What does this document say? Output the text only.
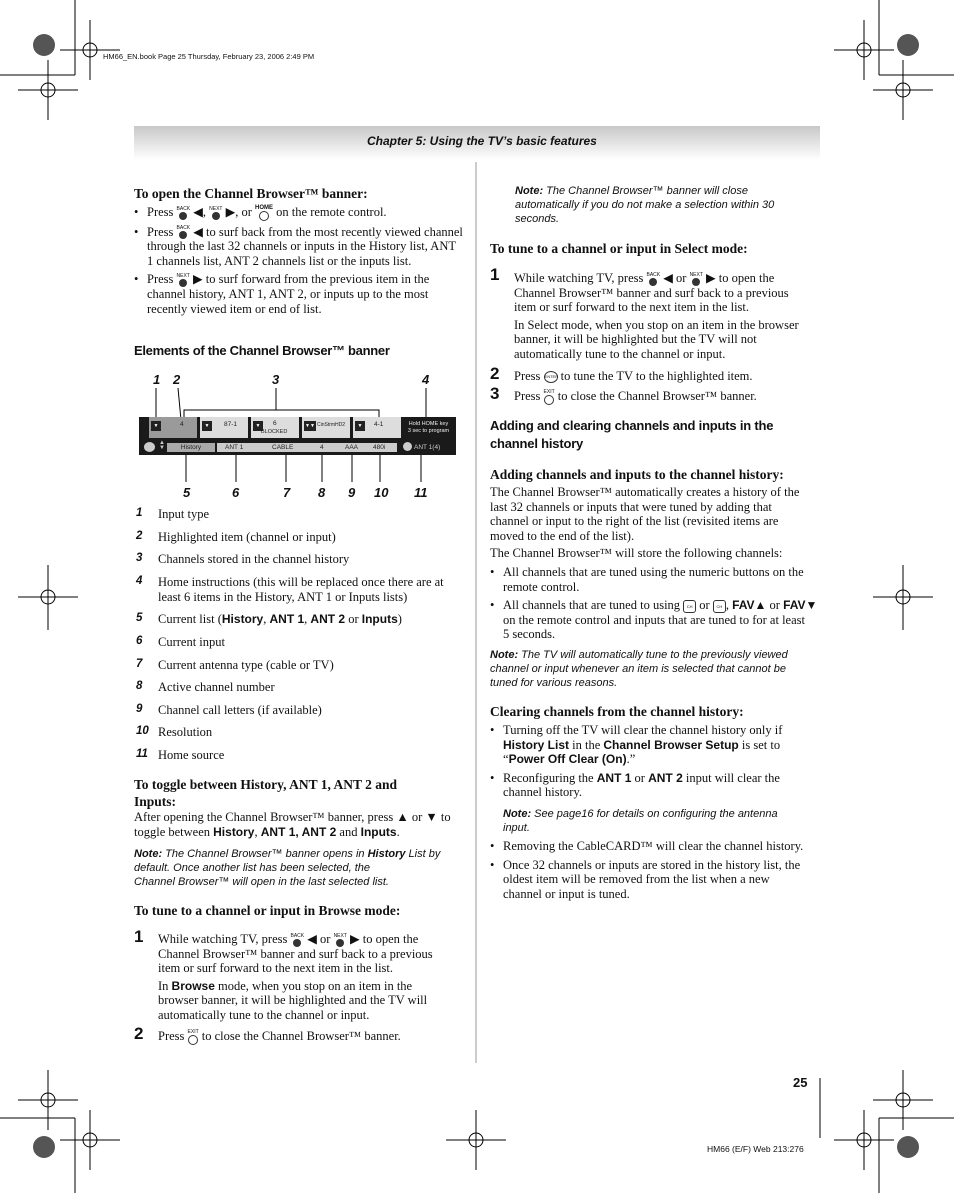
HM66_EN.book Page 25 Thursday, February 23, 2006 2:49 PM
Chapter 5: Using the TV’s basic features
To open the Channel Browser™ banner:
• Press BACK
◀, NEXT
▶, or HOME on the remote control.
• Press BACK
◀ to surf back from the most recently viewed channel through the last 32 channels or inputs in the History list, ANT 1 channels list, ANT 2 channels list or the inputs list.
• Press NEXT
▶ to surf forward from the previous item in the channel history, ANT 1, ANT 2, or inputs up to the most recently viewed item or end of list.
Elements of the Channel Browser™ banner
1 2	3	4
▼	4	▼	87-1	▼	6
BLOCKED
▼▼ CinStrmHD2	▼	4-1	Hold HOME key
3 sec to program
▲
▼	History	ANT 1	CABLE	4	AAA 480i	ANT 1(4)
5	6	7 8 9 10 11
1 Input type
2 Highlighted item (channel or input)
3 Channels stored in the channel history
4 Home instructions (this will be replaced once there are at
least 6 items in the History, ANT 1 or Inputs lists)
5 Current list (History, ANT 1, ANT 2 or Inputs)
6 Current input
7 Current antenna type (cable or TV)
8 Active channel number
9 Channel call letters (if available)
10 Resolution
11 Home source
To toggle between History, ANT 1, ANT 2 and
Inputs:
After opening the Channel Browser™ banner, press ▲ or ▼ to
toggle between History, ANT 1, ANT 2 and Inputs.
Note: The Channel Browser™ banner opens in History List by
default. Once another list has been selected, the
Channel Browser™ will open in the last selected list.
To tune to a channel or input in Browse mode:
1 While watching TV, press BACK
◀ or NEXT
▶ to open the
Channel Browser™ banner and surf back to a previous
item or surf forward to the next item in the list.
In Browse mode, when you stop on an item in the
browser banner, it will be highlighted and the TV will
automatically tune to the channel or input.
2 Press EXIT to close the Channel Browser™ banner.
Note: The Channel Browser™ banner will close
automatically if you do not make a selection within 30
seconds.
To tune to a channel or input in Select mode:
1 While watching TV, press BACK
◀ or NEXT
▶ to open the
Channel Browser™ banner and surf back to a previous
item or surf forward to the next item in the list.
In Select mode, when you stop on an item in the browser
banner, it will be highlighted but the TV will not
automatically tune to the channel or input.
2 Press ENTER to tune the TV to the highlighted item.
3 Press EXIT to close the Channel Browser™ banner.
Adding and clearing channels and inputs in the
channel history
Adding channels and inputs to the channel history:
The Channel Browser™ automatically creates a history of the
last 32 channels or inputs that were tuned by adding that
channel or input to the right of the list (revisited items are
moved to the end of the list).
The Channel Browser™ will store the following channels:
• All channels that are tuned using the numeric buttons on the
remote control.
• All channels that are tuned to using	CH or	CH , FAV▲ or FAV▼
on the remote control and inputs that are tuned to for at least
5 seconds.
Note: The TV will automatically tune to the previously viewed
channel or input whenever an item is selected that cannot be
tuned for various reasons.
Clearing channels from the channel history:
• Turning off the TV will clear the channel history only if
History List in the Channel Browser Setup is set to
“Power Off Clear (On).”
• Reconfiguring the ANT 1 or ANT 2 input will clear the
channel history.
Note: See page16 for details on configuring the antenna
input.
• Removing the CableCARD™ will clear the channel history.
• Once 32 channels or inputs are stored in the history list, the
oldest item will be removed from the list when a new
channel or input is tuned.
25
HM66 (E/F) Web 213:276
